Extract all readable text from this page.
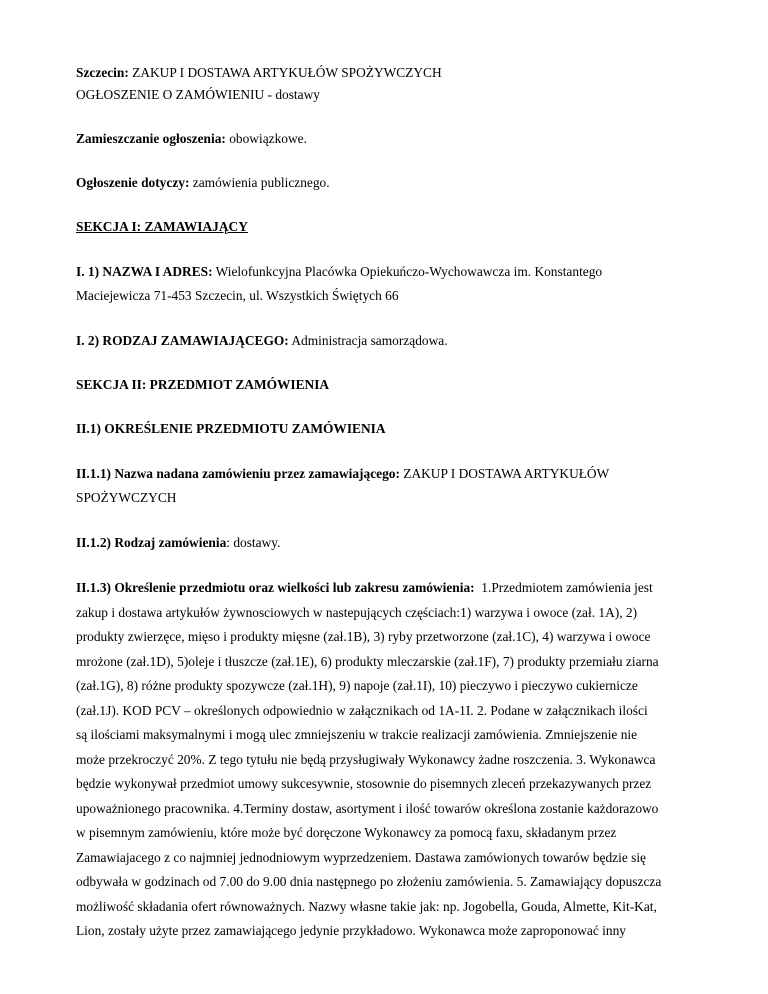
Szczecin: ZAKUP I DOSTAWA ARTYKUŁÓW SPOŻYWCZYCH

OGŁOSZENIE O ZAMÓWIENIU - dostawy

Zamieszczanie ogłoszenia: obowiązkowe.

Ogłoszenie dotyczy: zamówienia publicznego.

SEKCJA I: ZAMAWIAJĄCY

I. 1) NAZWA I ADRES: Wielofunkcyjna Placówka Opiekuńczo-Wychowawcza im. Konstantego

Maciejewicza 71-453 Szczecin, ul. Wszystkich Świętych 66

I. 2) RODZAJ ZAMAWIAJĄCEGO: Administracja samorządowa.

SEKCJA II: PRZEDMIOT ZAMÓWIENIA

II.1) OKREŚLENIE PRZEDMIOTU ZAMÓWIENIA

II.1.1) Nazwa nadana zamówieniu przez zamawiającego: ZAKUP I DOSTAWA ARTYKUŁÓW

SPOŻYWCZYCH

II.1.2) Rodzaj zamówienia: dostawy.

II.1.3) Określenie przedmiotu oraz wielkości lub zakresu zamówienia:  1.Przedmiotem zamówienia jest
zakup i dostawa artykułów żywnosciowych w nastepujących częściach:1) warzywa i owoce (zał. 1A), 2)
produkty zwierzęce, mięso i produkty mięsne (zał.1B), 3) ryby przetworzone (zał.1C), 4) warzywa i owoce
mrożone (zał.1D), 5)oleje i tłuszcze (zał.1E), 6) produkty mleczarskie (zał.1F), 7) produkty przemiału ziarna
(zał.1G), 8) różne produkty spozywcze (zał.1H), 9) napoje (zał.1I), 10) pieczywo i pieczywo cukiernicze
(zał.1J). KOD PCV – określonych odpowiednio w załącznikach od 1A-1I. 2. Podane w załącznikach ilości
są ilościami maksymalnymi i mogą ulec zmniejszeniu w trakcie realizacji zamówienia. Zmniejszenie nie
może przekroczyć 20%. Z tego tytułu nie będą przysługiwały Wykonawcy żadne roszczenia. 3. Wykonawca
będzie wykonywał przedmiot umowy sukcesywnie, stosownie do pisemnych zleceń przekazywanych przez
upoważnionego pracownika. 4.Terminy dostaw, asortyment i ilość towarów określona zostanie każdorazowo
w pisemnym zamówieniu, które może być doręczone Wykonawcy za pomocą faxu, składanym przez
Zamawiajacego z co najmniej jednodniowym wyprzedzeniem. Dastawa zamówionych towarów będzie się
odbywała w godzinach od 7.00 do 9.00 dnia następnego po złożeniu zamówienia. 5. Zamawiający dopuszcza
możliwość składania ofert równoważnych. Nazwy własne takie jak: np. Jogobella, Gouda, Almette, Kit-Kat,
Lion, zostały użyte przez zamawiającego jedynie przykładowo. Wykonawca może zaproponować inny
